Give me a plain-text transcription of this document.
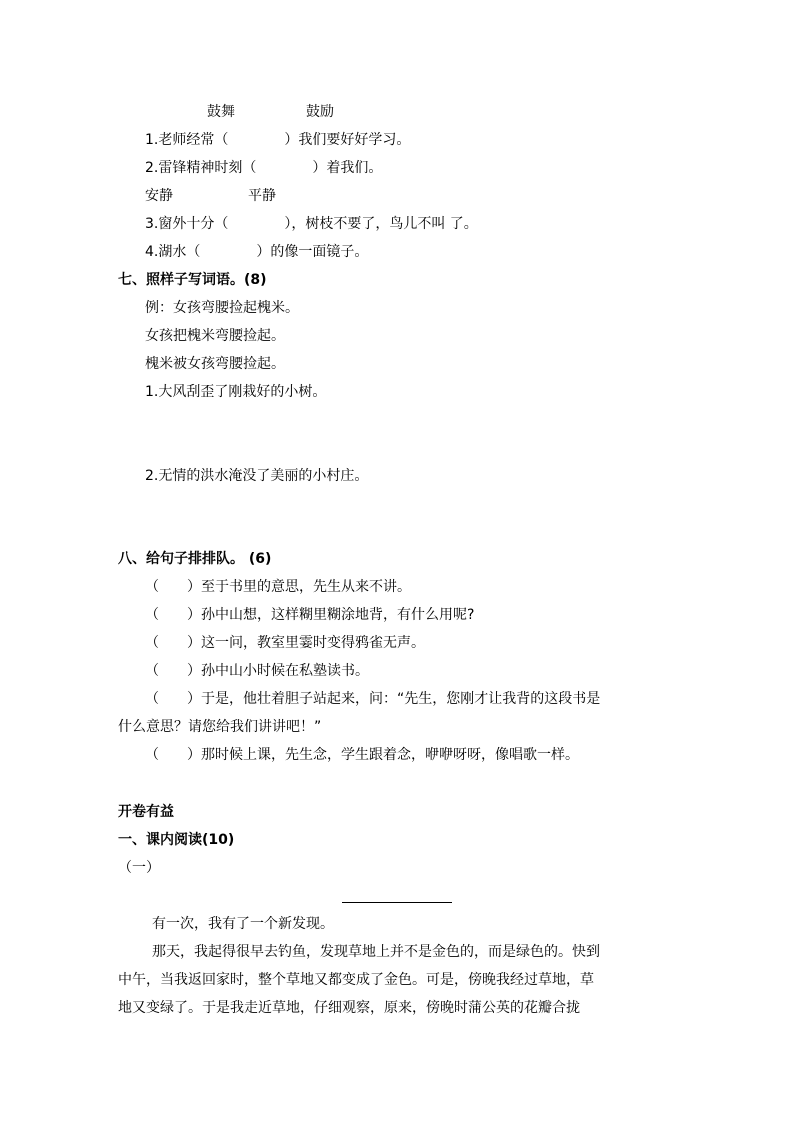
鼓舞	鼓励
1.老师经常（　　　　）我们要好好学习。
2.雷锋精神时刻（　　　　）着我们。
安静	平静
3.窗外十分（　　　　），树枝不要了，鸟儿不叫 了。
4.湖水（　　　　）的像一面镜子。
七、照样子写词语。(8)
例：女孩弯腰捡起槐米。
女孩把槐米弯腰捡起。
槐米被女孩弯腰捡起。
1.大风刮歪了刚栽好的小树。
2.无情的洪水淹没了美丽的小村庄。
八、给句子排排队。 (6)
（　　）至于书里的意思，先生从来不讲。
（　　）孙中山想，这样糊里糊涂地背，有什么用呢?
（　　）这一问，教室里霎时变得鸦雀无声。
（　　）孙中山小时候在私塾读书。
（　　）于是，他壮着胆子站起来，问：“先生，您刚才让我背的这段书是
什么意思？请您给我们讲讲吧！”
（　　）那时候上课，先生念，学生跟着念，咿咿呀呀，像唱歌一样。
开卷有益
一、课内阅读(10)
（一）
有一次，我有了一个新发现。
那天，我起得很早去钓鱼，发现草地上并不是金色的，而是绿色的。快到
中午，当我返回家时，整个草地又都变成了金色。可是，傍晚我经过草地，草
地又变绿了。于是我走近草地，仔细观察，原来，傍晚时蒲公英的花瓣合拢
